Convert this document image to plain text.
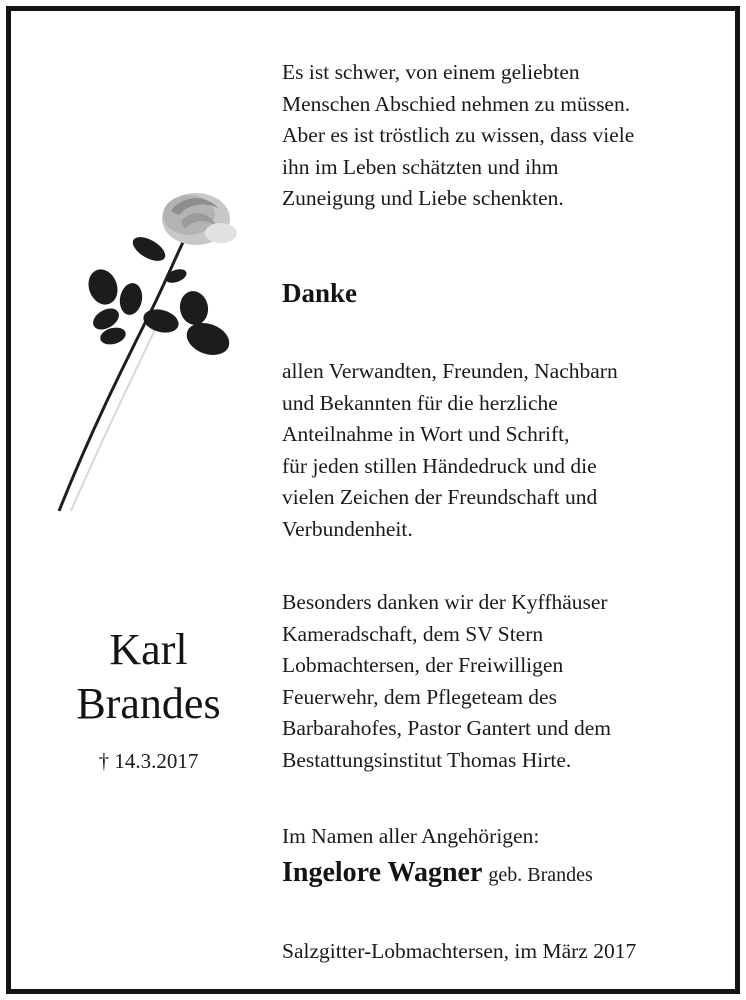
Karl
Brandes
† 14.3.2017
Es ist schwer, von einem geliebten
Menschen Abschied nehmen zu müssen.
Aber es ist tröstlich zu wissen, dass viele
ihn im Leben schätzten und ihm
Zuneigung und Liebe schenkten.
Danke
allen Verwandten, Freunden, Nachbarn
und Bekannten für die herzliche
Anteilnahme in Wort und Schrift,
für jeden stillen Händedruck und die
vielen Zeichen der Freundschaft und
Verbundenheit.
Besonders danken wir der Kyffhäuser
Kameradschaft, dem SV Stern
Lobmachtersen, der Freiwilligen
Feuerwehr, dem Pflegeteam des
Barbarahofes, Pastor Gantert und dem
Bestattungsinstitut Thomas Hirte.
Im Namen aller Angehörigen:
Ingelore Wagner geb. Brandes
Salzgitter-Lobmachtersen, im März 2017
